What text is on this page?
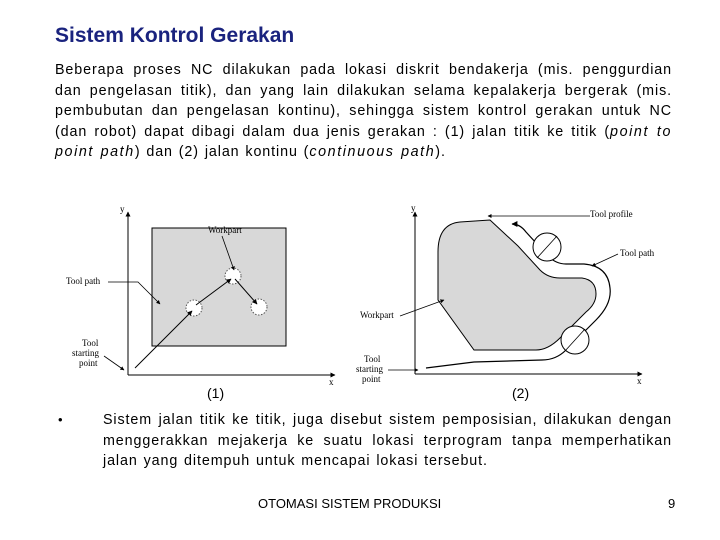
Sistem Kontrol Gerakan
Beberapa proses NC dilakukan pada lokasi diskrit bendakerja (mis. penggurdian dan pengelasan titik), dan yang lain dilakukan selama kepalakerja bergerak (mis. pembubutan dan pengelasan kontinu), sehingga sistem kontrol gerakan untuk NC (dan robot) dapat dibagi dalam dua jenis gerakan : (1) jalan titik ke titik (point to point path) dan (2) jalan kontinu (continuous path).
y
x
Workpart
Tool path
Tool
starting
point
y
x
Tool profile
Tool path
Workpart
Tool
starting
point
(1)	(2)
•	Sistem jalan titik ke titik, juga disebut sistem pemposisian, dilakukan dengan menggerakkan mejakerja ke suatu lokasi terprogram tanpa memperhatikan jalan yang ditempuh untuk mencapai lokasi tersebut.
OTOMASI SISTEM PRODUKSI	9
